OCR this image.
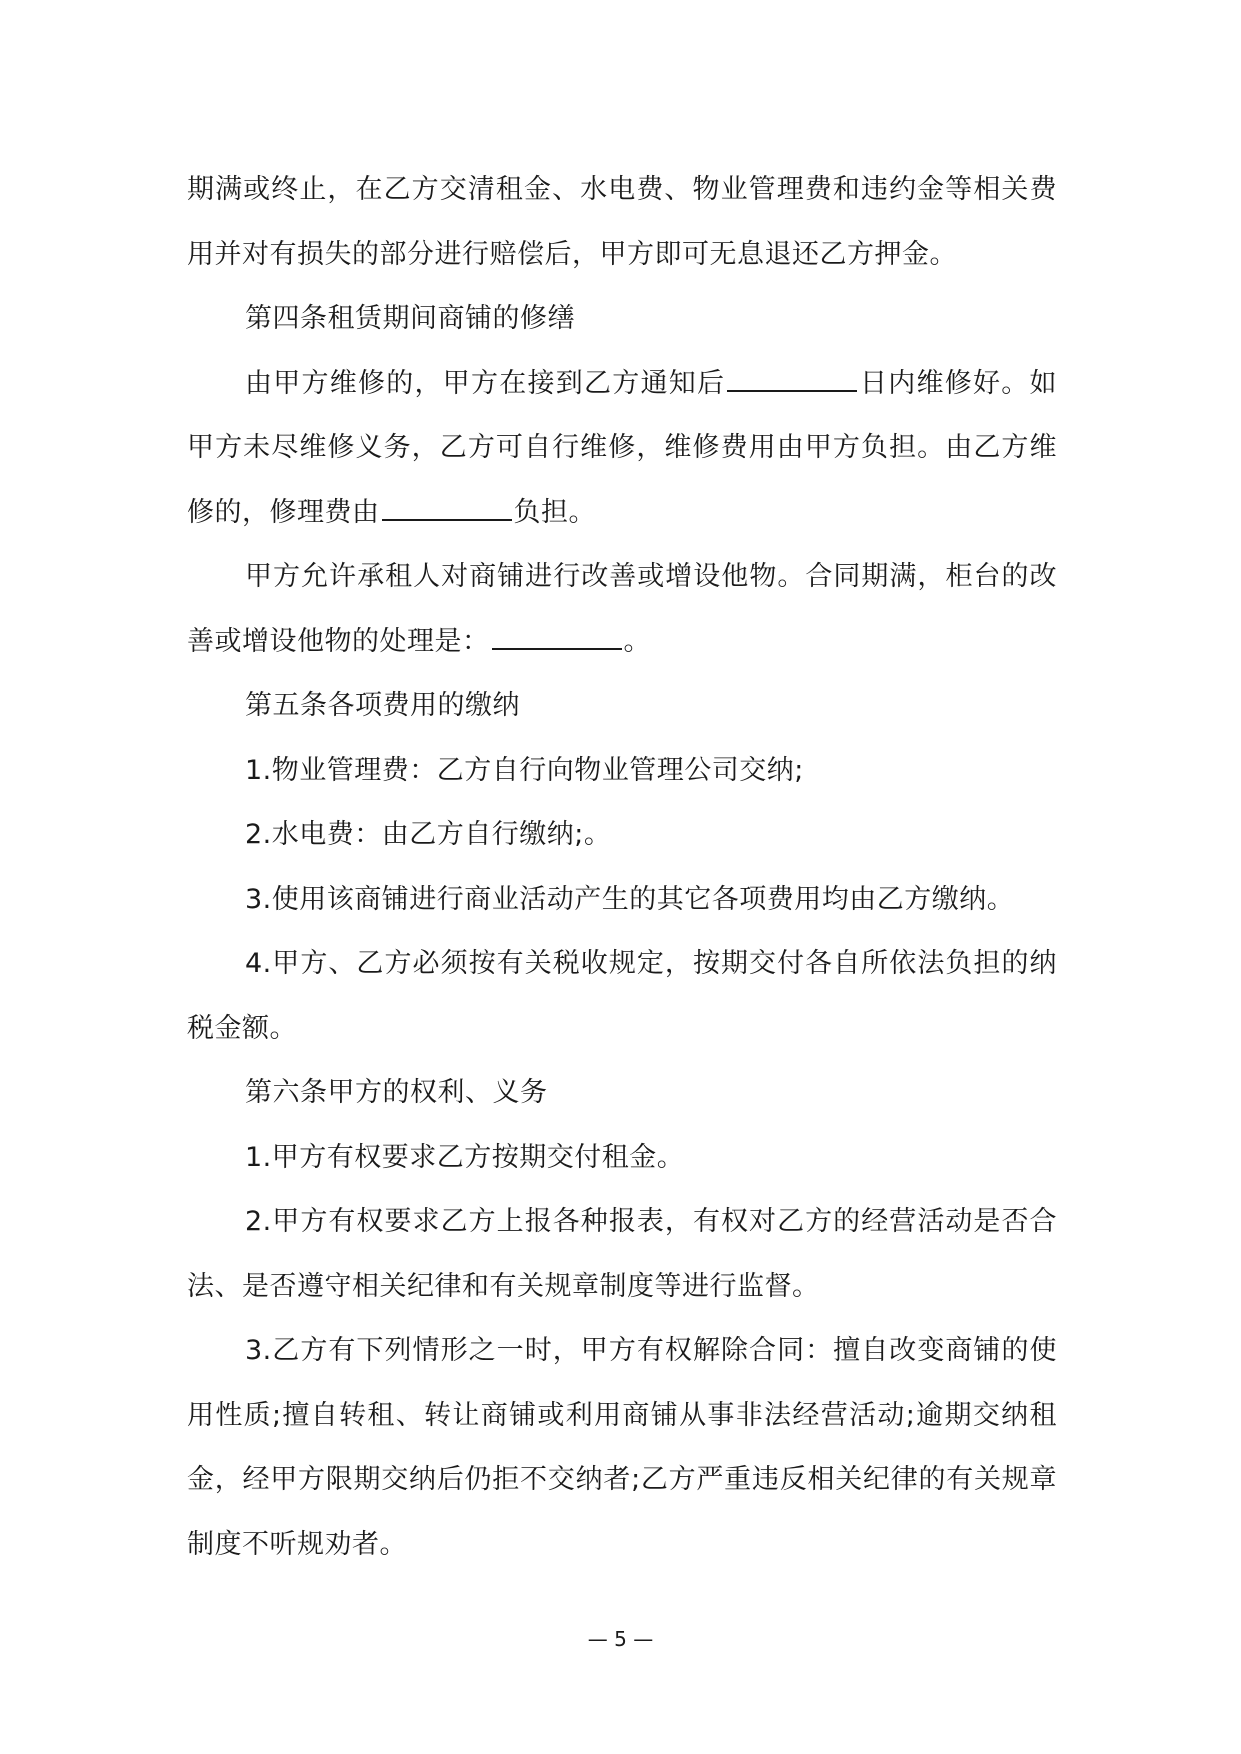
期满或终止，在乙方交清租金、水电费、物业管理费和违约金等相关费用并对有损失的部分进行赔偿后，甲方即可无息退还乙方押金。

第四条租赁期间商铺的修缮

由甲方维修的，甲方在接到乙方通知后	日内维修好。如甲方未尽维修义务，乙方可自行维修，维修费用由甲方负担。由乙方维修的，修理费由	负担。

甲方允许承租人对商铺进行改善或增设他物。合同期满，柜台的改善或增设他物的处理是：	。

第五条各项费用的缴纳

1.物业管理费：乙方自行向物业管理公司交纳;

2.水电费：由乙方自行缴纳;。

3.使用该商铺进行商业活动产生的其它各项费用均由乙方缴纳。

4.甲方、乙方必须按有关税收规定，按期交付各自所依法负担的纳税金额。

第六条甲方的权利、义务

1.甲方有权要求乙方按期交付租金。

2.甲方有权要求乙方上报各种报表，有权对乙方的经营活动是否合法、是否遵守相关纪律和有关规章制度等进行监督。

3.乙方有下列情形之一时，甲方有权解除合同：擅自改变商铺的使用性质;擅自转租、转让商铺或利用商铺从事非法经营活动;逾期交纳租金，经甲方限期交纳后仍拒不交纳者;乙方严重违反相关纪律的有关规章制度不听规劝者。

— 5 —
